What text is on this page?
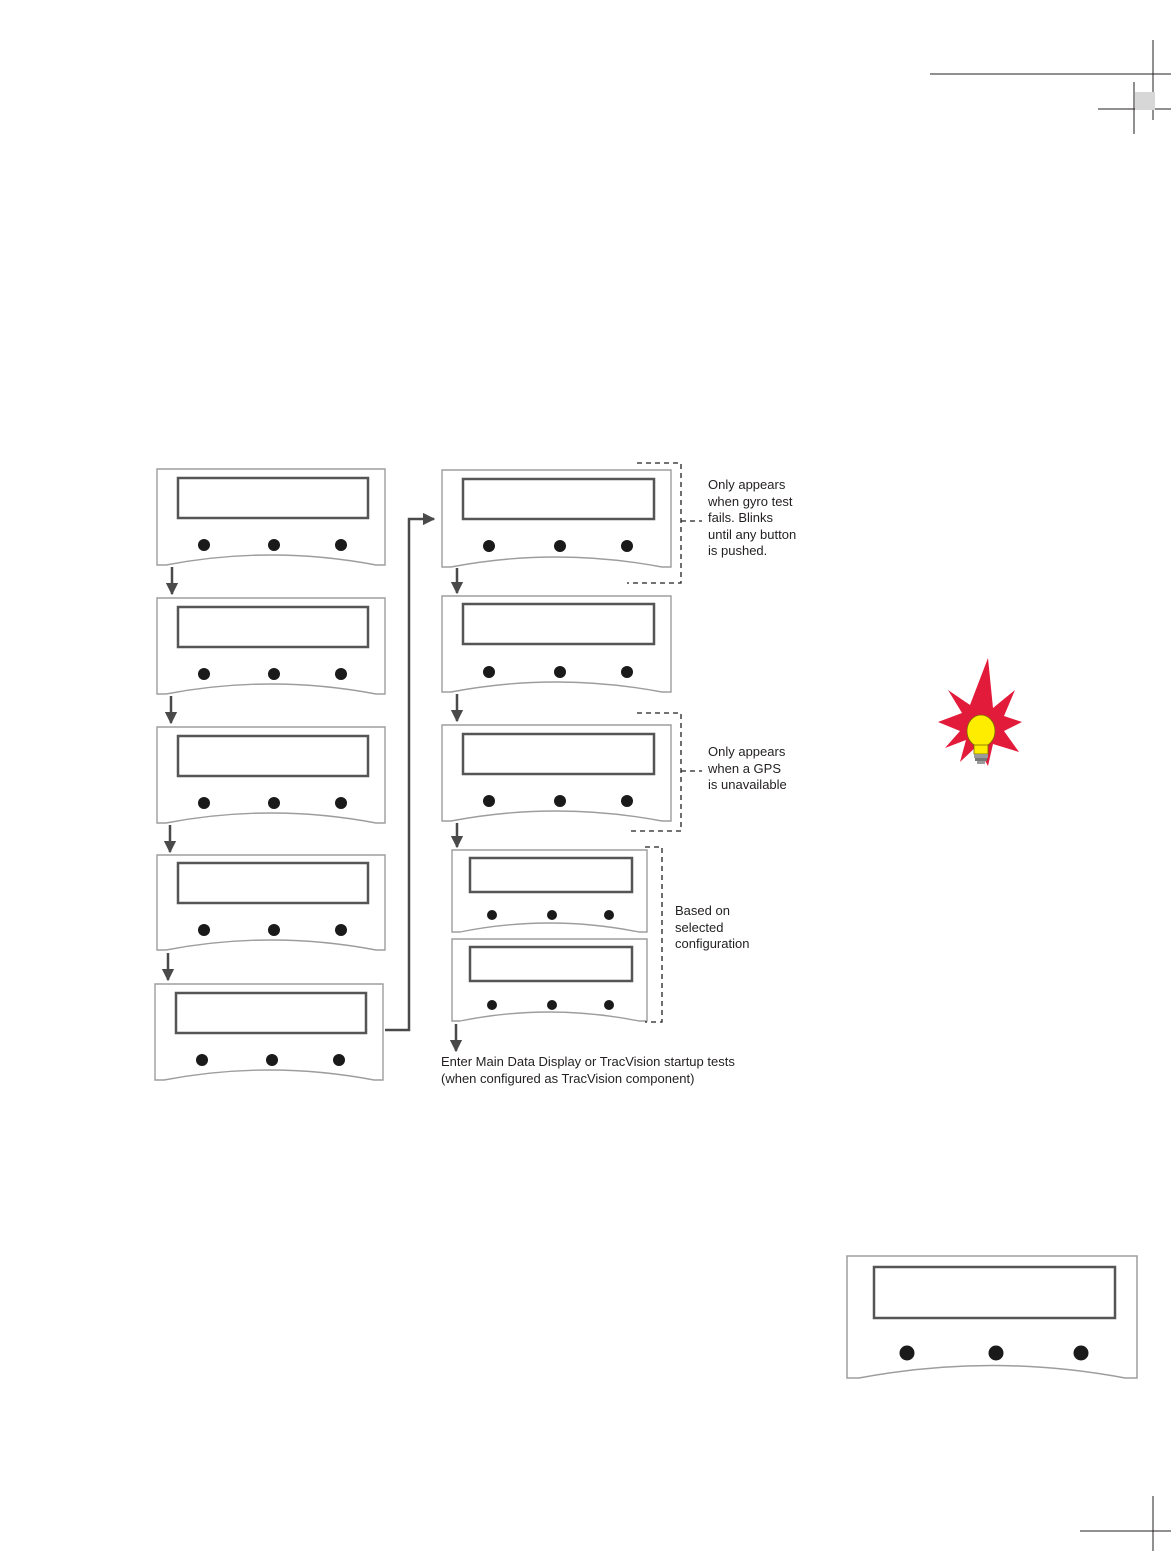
Only appears
when gyro test
fails. Blinks
until any button
is pushed.
Only appears
when a GPS
is unavailable
Based on
selected
configuration
Enter Main Data Display or TracVision startup tests
(when configured as TracVision component)
